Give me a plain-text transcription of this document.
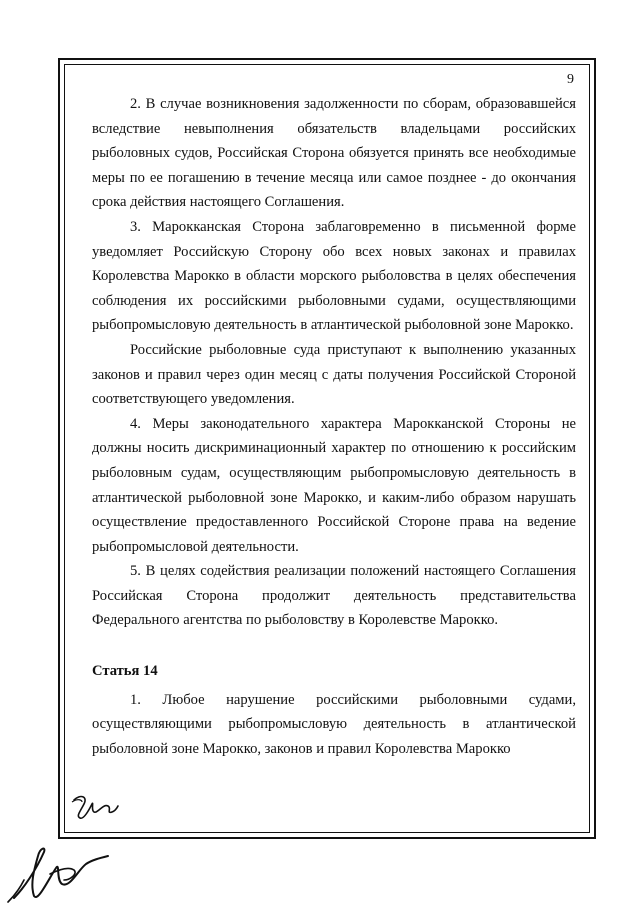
9

2. В случае возникновения задолженности по сборам, образовавшейся вследствие невыполнения обязательств владельцами российских рыболовных судов, Российская Сторона обязуется принять все необходимые меры по ее погашению в течение месяца или самое позднее - до окончания срока действия настоящего Соглашения.

3. Марокканская Сторона заблаговременно в письменной форме уведомляет Российскую Сторону обо всех новых законах и правилах Королевства Марокко в области морского рыболовства в целях обеспечения соблюдения их российскими рыболовными судами, осуществляющими рыбопромысловую деятельность в атлантической рыболовной зоне Марокко.

Российские рыболовные суда приступают к выполнению указанных законов и правил через один месяц с даты получения Российской Стороной соответствующего уведомления.

4. Меры законодательного характера Марокканской Стороны не должны носить дискриминационный характер по отношению к российским рыболовным судам, осуществляющим рыбопромысловую деятельность в атлантической рыболовной зоне Марокко, и каким-либо образом нарушать осуществление предоставленного Российской Стороне права на ведение рыбопромысловой деятельности.

5. В целях содействия реализации положений настоящего Соглашения Российская Сторона продолжит деятельность представительства Федерального агентства по рыболовству в Королевстве Марокко.

Статья 14

1. Любое нарушение российскими рыболовными судами, осуществляющими рыбопромысловую деятельность в атлантической рыболовной зоне Марокко, законов и правил Королевства Марокко
